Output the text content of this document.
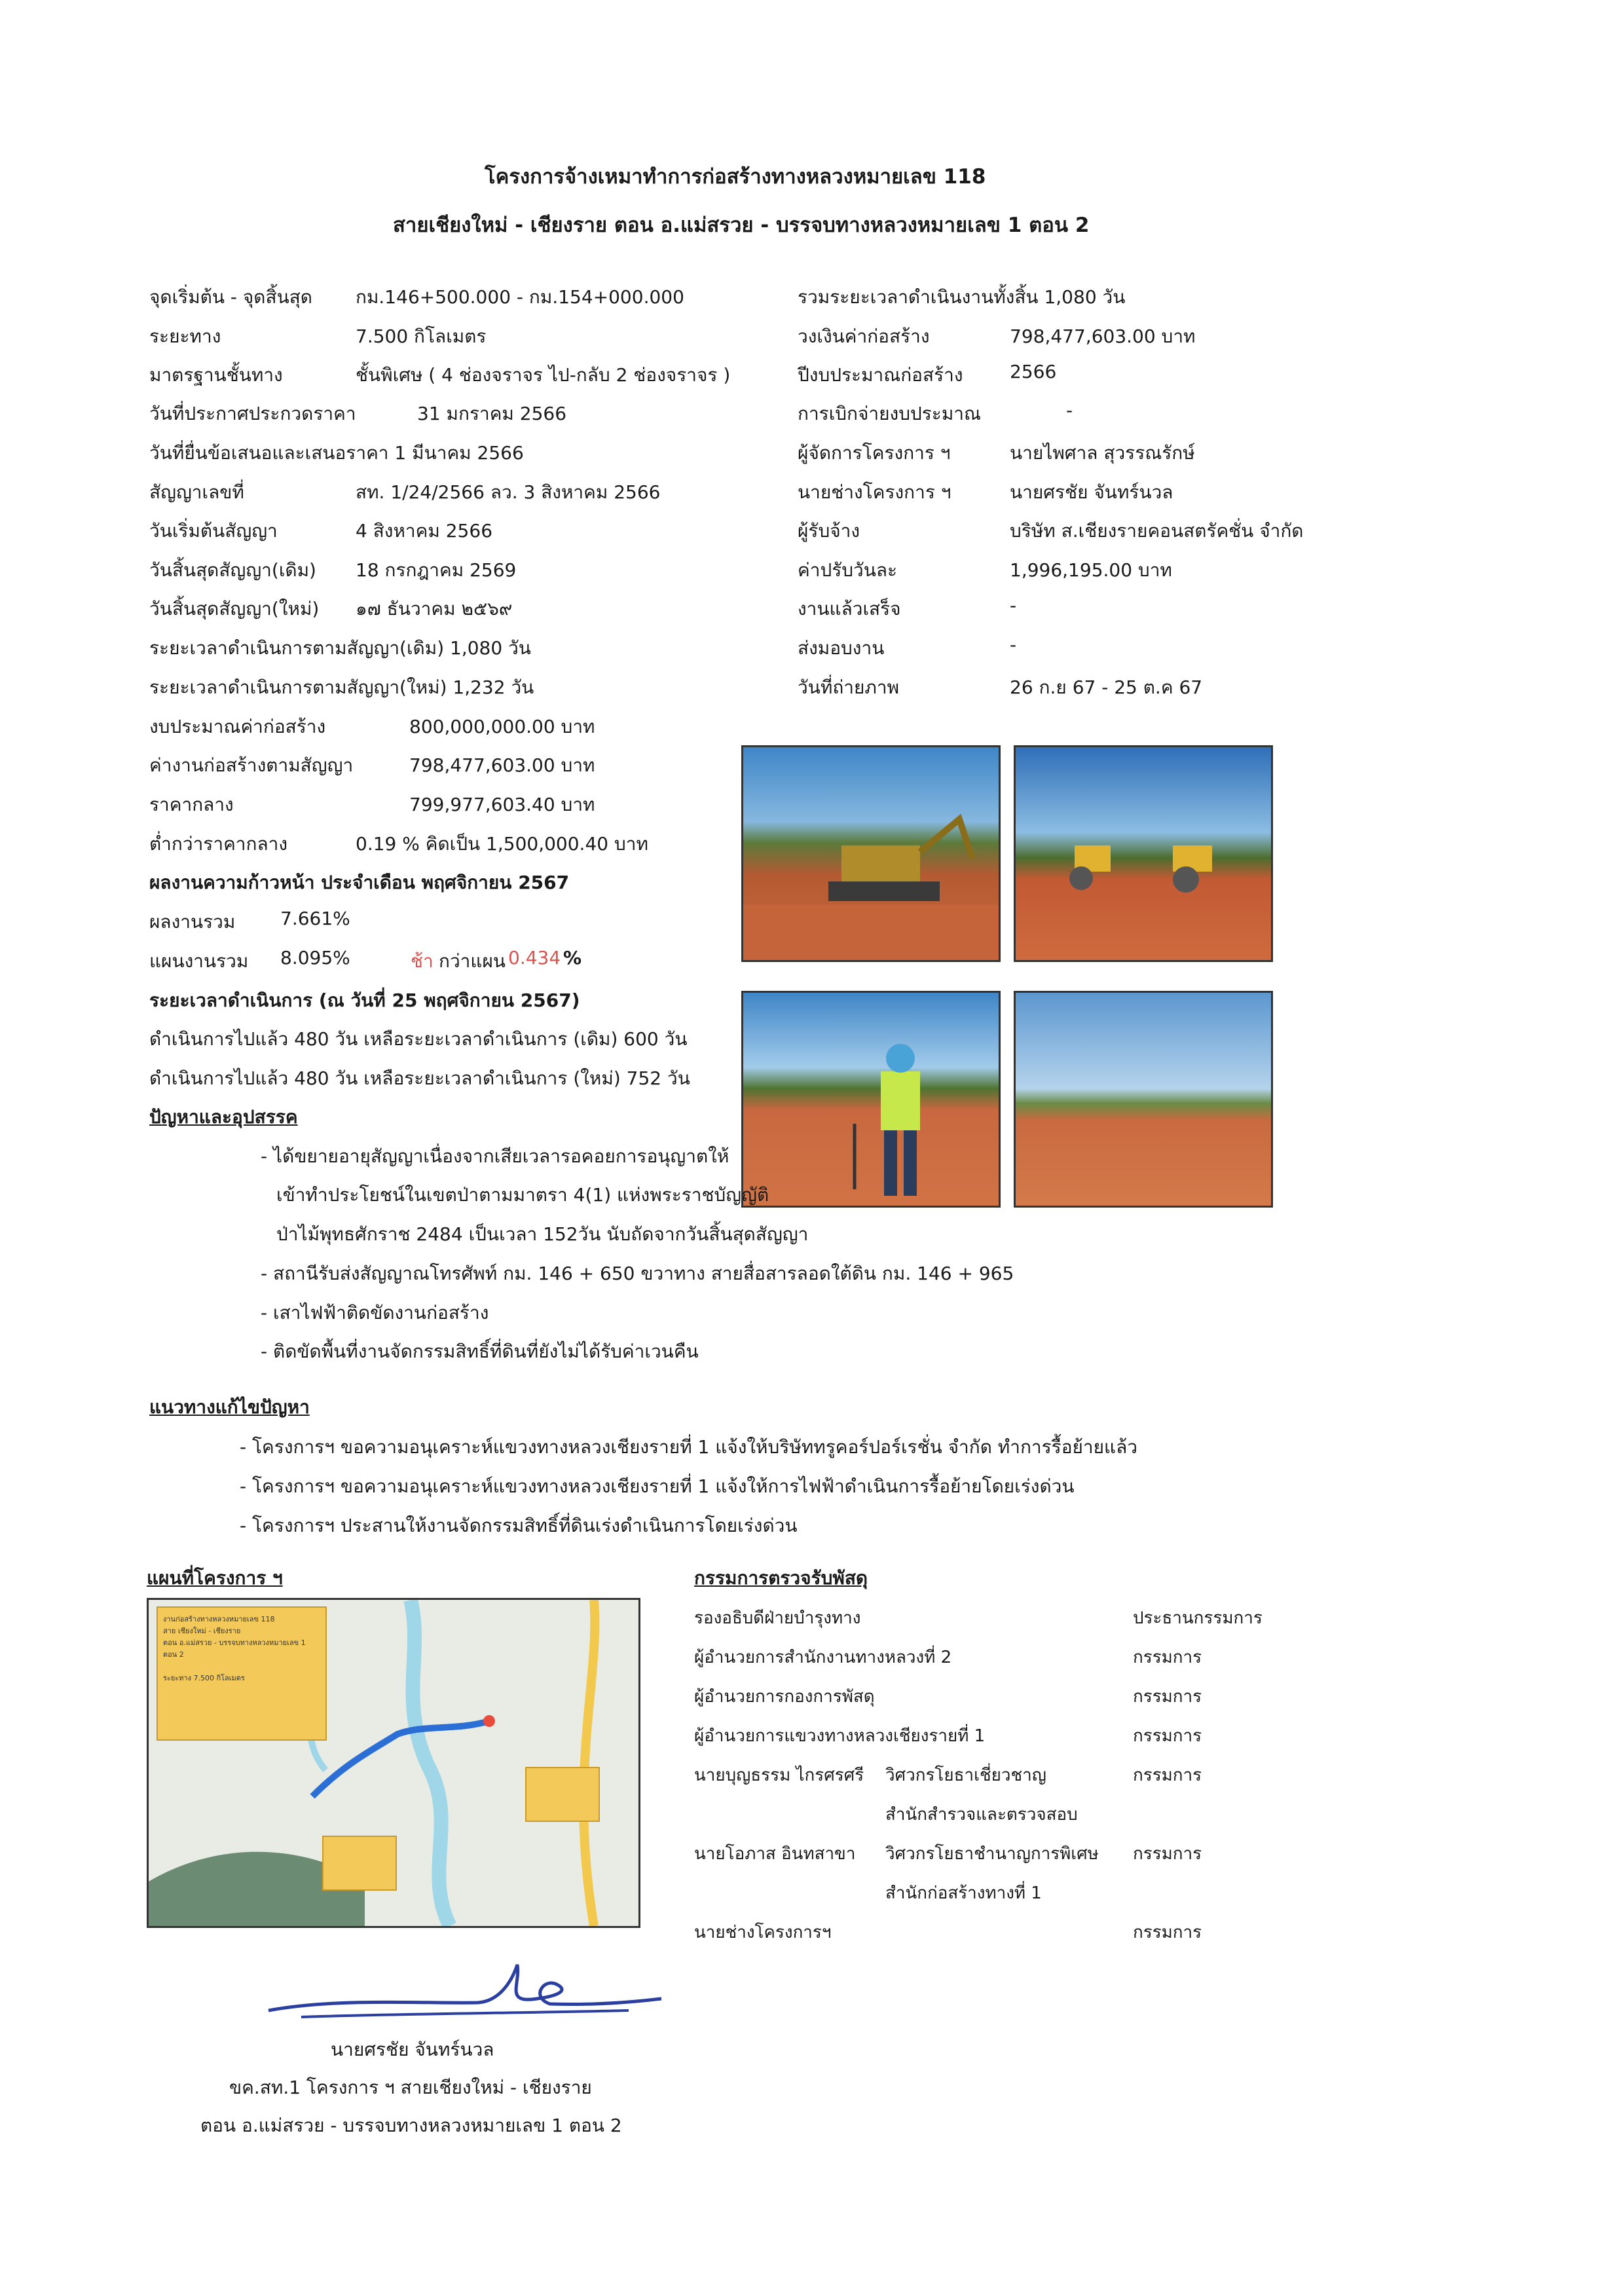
โครงการจ้างเหมาทำการก่อสร้างทางหลวงหมายเลข 118
สายเชียงใหม่ - เชียงราย ตอน อ.แม่สรวย - บรรจบทางหลวงหมายเลข 1 ตอน 2
จุดเริ่มต้น - จุดสิ้นสุด กม.146+500.000 - กม.154+000.000
ระยะทาง	7.500 กิโลเมตร
มาตรฐานชั้นทาง	ชั้นพิเศษ ( 4 ช่องจราจร ไป-กลับ 2 ช่องจราจร )
วันที่ประกาศประกวดราคา	31 มกราคม 2566
วันที่ยื่นข้อเสนอและเสนอราคา 1 มีนาคม 2566
สัญญาเลขที่	สท. 1/24/2566 ลว. 3 สิงหาคม 2566
วันเริ่มต้นสัญญา	4 สิงหาคม 2566
วันสิ้นสุดสัญญา(เดิม) 18 กรกฎาคม 2569
วันสิ้นสุดสัญญา(ใหม่) ๑๗ ธันวาคม ๒๕๖๙
ระยะเวลาดำเนินการตามสัญญา(เดิม) 1,080 วัน
ระยะเวลาดำเนินการตามสัญญา(ใหม่) 1,232 วัน
รวมระยะเวลาดำเนินงานทั้งสิ้น 1,080 วัน
วงเงินค่าก่อสร้าง	798,477,603.00 บาท
ปีงบประมาณก่อสร้าง	2566
การเบิกจ่ายงบประมาณ	-
ผู้จัดการโครงการ ฯ	นายไพศาล สุวรรณรักษ์
นายช่างโครงการ ฯ	นายศรชัย จันทร์นวล
ผู้รับจ้าง	บริษัท ส.เชียงรายคอนสตรัคชั่น จำกัด
ค่าปรับวันละ	1,996,195.00 บาท
งานแล้วเสร็จ	-
ส่งมอบงาน	-
วันที่ถ่ายภาพ	26 ก.ย 67 - 25 ต.ค 67
งบประมาณค่าก่อสร้าง	800,000,000.00 บาท
ค่างานก่อสร้างตามสัญญา	798,477,603.00 บาท
ราคากลาง	799,977,603.40 บาท
ต่ำกว่าราคากลาง	0.19 % คิดเป็น 1,500,000.40 บาท
ผลงานความก้าวหน้า ประจำเดือน พฤศจิกายน 2567
ผลงานรวม 7.661%
แผนงานรวม 8.095%	ช้า กว่าแผน 0.434 %
ระยะเวลาดำเนินการ (ณ วันที่ 25 พฤศจิกายน 2567)
ดำเนินการไปแล้ว 480 วัน เหลือระยะเวลาดำเนินการ (เดิม) 600 วัน
ดำเนินการไปแล้ว 480 วัน เหลือระยะเวลาดำเนินการ (ใหม่) 752 วัน
ปัญหาและอุปสรรค
- ได้ขยายอายุสัญญาเนื่องจากเสียเวลารอคอยการอนุญาตให้
เข้าทำประโยชน์ในเขตป่าตามมาตรา 4(1) แห่งพระราชบัญญัติ
ป่าไม้พุทธศักราช 2484 เป็นเวลา 152วัน นับถัดจากวันสิ้นสุดสัญญา
- สถานีรับส่งสัญญาณโทรศัพท์ กม. 146 + 650 ขวาทาง สายสื่อสารลอดใต้ดิน กม. 146 + 965
- เสาไฟฟ้าติดขัดงานก่อสร้าง
- ติดขัดพื้นที่งานจัดกรรมสิทธิ์ที่ดินที่ยังไม่ได้รับค่าเวนคืน
แนวทางแก้ไขปัญหา
- โครงการฯ ขอความอนุเคราะห์แขวงทางหลวงเชียงรายที่ 1 แจ้งให้บริษัททรูคอร์ปอร์เรชั่น จำกัด ทำการรื้อย้ายแล้ว
- โครงการฯ ขอความอนุเคราะห์แขวงทางหลวงเชียงรายที่ 1 แจ้งให้การไฟฟ้าดำเนินการรื้อย้ายโดยเร่งด่วน
- โครงการฯ ประสานให้งานจัดกรรมสิทธิ์ที่ดินเร่งดำเนินการโดยเร่งด่วน
แผนที่โครงการ ฯ
งานก่อสร้างทางหลวงหมายเลข 118
สาย เชียงใหม่ - เชียงราย
ตอน อ.แม่สรวย - บรรจบทางหลวงหมายเลข 1 ตอน 2
ระยะทาง 7.500 กิโลเมตร
กรรมการตรวจรับพัสดุ
รองอธิบดีฝ่ายบำรุงทาง	ประธานกรรมการ
ผู้อำนวยการสำนักงานทางหลวงที่ 2	กรรมการ
ผู้อำนวยการกองการพัสดุ	กรรมการ
ผู้อำนวยการแขวงทางหลวงเชียงรายที่ 1	กรรมการ
นายบุญธรรม ไกรศรศรี วิศวกรโยธาเชี่ยวชาญ	กรรมการ
สำนักสำรวจและตรวจสอบ
นายโอภาส อินทสาขา วิศวกรโยธาชำนาญการพิเศษ กรรมการ
สำนักก่อสร้างทางที่ 1
นายช่างโครงการฯ	กรรมการ
นายศรชัย จันทร์นวล
ขค.สท.1 โครงการ ฯ สายเชียงใหม่ - เชียงราย
ตอน อ.แม่สรวย - บรรจบทางหลวงหมายเลข 1 ตอน 2
